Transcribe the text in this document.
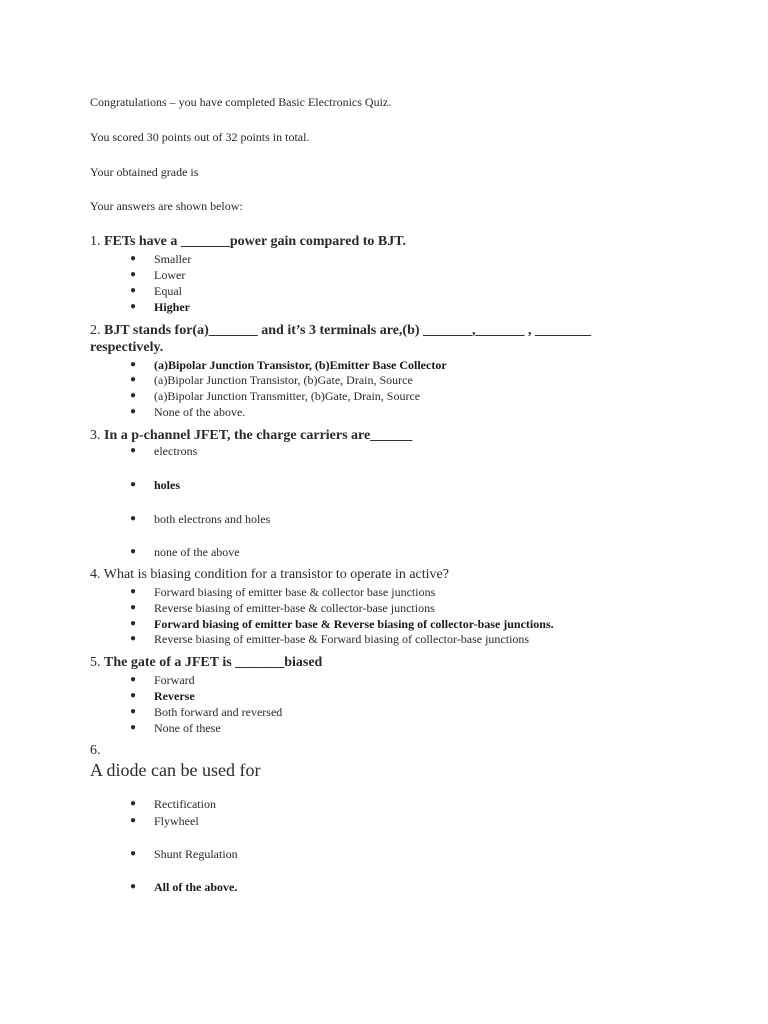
Congratulations – you have completed Basic Electronics Quiz.
You scored 30 points out of 32 points in total.
Your obtained grade is
Your answers are shown below:
1. FETs have a _______power gain compared to BJT.
● Smaller
● Lower
● Equal
● Higher
2. BJT stands for(a)_______ and it’s 3 terminals are,(b) _______,_______ , ________ respectively.
● (a)Bipolar Junction Transistor, (b)Emitter Base Collector
● (a)Bipolar Junction Transistor, (b)Gate, Drain, Source
● (a)Bipolar Junction Transmitter, (b)Gate, Drain, Source
● None of the above.
3. In a p-channel JFET, the charge carriers are______
● electrons
● holes
● both electrons and holes
● none of the above
4. What is biasing condition for a transistor to operate in active?
● Forward biasing of emitter base & collector base junctions
● Reverse biasing of emitter-base & collector-base junctions
● Forward biasing of emitter base & Reverse biasing of collector-base junctions.
● Reverse biasing of emitter-base & Forward biasing of collector-base junctions
5. The gate of a JFET is _______biased
● Forward
● Reverse
● Both forward and reversed
● None of these
6.
A diode can be used for
● Rectification
● Flywheel
● Shunt Regulation
● All of the above.
